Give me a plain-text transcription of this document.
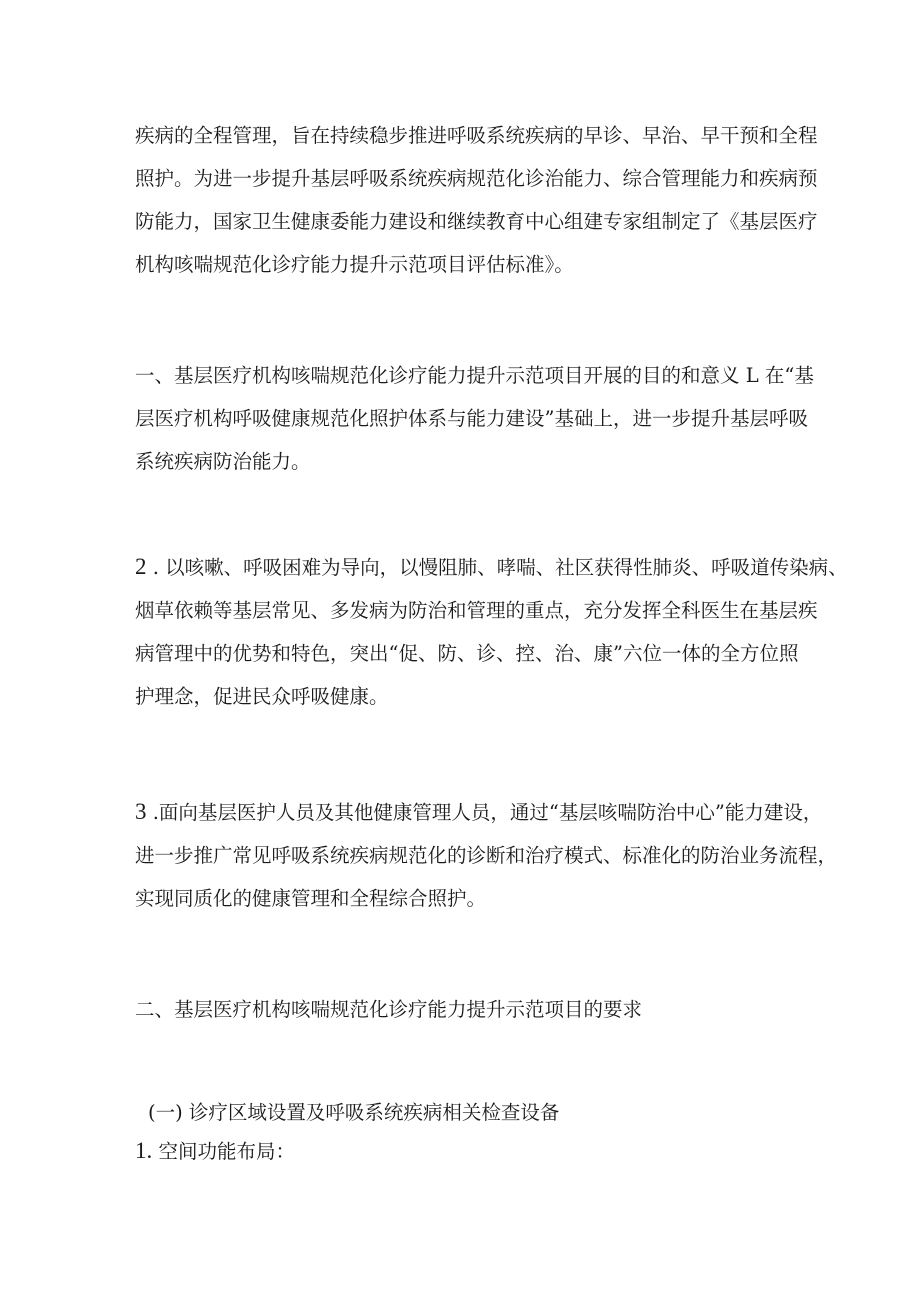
疾病的全程管理，旨在持续稳步推进呼吸系统疾病的早诊、早治、早干预和全程
照护。为进一步提升基层呼吸系统疾病规范化诊治能力、综合管理能力和疾病预
防能力，国家卫生健康委能力建设和继续教育中心组建专家组制定了《基层医疗
机构咳喘规范化诊疗能力提升示范项目评估标准》。

一、基层医疗机构咳喘规范化诊疗能力提升示范项目开展的目的和意义 L 在“基
层医疗机构呼吸健康规范化照护体系与能力建设”基础上，进一步提升基层呼吸
系统疾病防治能力。

2 . 以咳嗽、呼吸困难为导向，以慢阻肺、哮喘、社区获得性肺炎、呼吸道传染病、
烟草依赖等基层常见、多发病为防治和管理的重点，充分发挥全科医生在基层疾
病管理中的优势和特色，突出“促、防、诊、控、治、康”六位一体的全方位照
护理念，促进民众呼吸健康。

3 .面向基层医护人员及其他健康管理人员，通过“基层咳喘防治中心”能力建设，
进一步推广常见呼吸系统疾病规范化的诊断和治疗模式、标准化的防治业务流程，
实现同质化的健康管理和全程综合照护。

二、基层医疗机构咳喘规范化诊疗能力提升示范项目的要求

(一) 诊疗区域设置及呼吸系统疾病相关检查设备

1. 空间功能布局：
